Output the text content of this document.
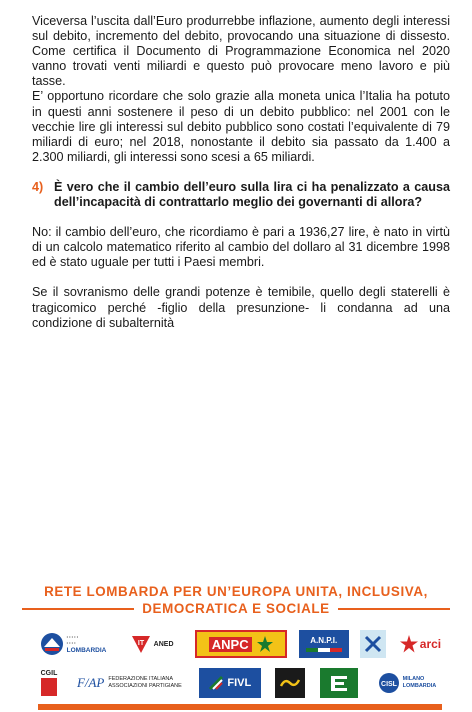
Viceversa l’uscita dall’Euro produrrebbe inflazione, aumento degli interessi sul debito, incremento del debito, provocando una situazione di dissesto. Come certifica il Documento di Programmazione Economica nel 2020 vanno trovati venti miliardi e questo può provocare meno lavoro e più tasse.

E’ opportuno ricordare che solo grazie alla moneta unica l’Italia ha potuto in questi anni sostenere il peso di un debito pubblico: nel 2001 con le vecchie lire gli interessi sul debito pubblico sono costati l’equivalente di 79 miliardi di euro; nel 2018, nonostante il debito sia passato da 1.400 a 2.300 miliardi, gli interessi sono scesi a 65 miliardi.

4) È vero che il cambio dell’euro sulla lira ci ha penalizzato a causa dell’incapacità di contrattarlo meglio dei governanti di allora?

No: il cambio dell’euro, che ricordiamo è pari a 1936,27 lire, è nato in virtù di un calcolo matematico riferito al cambio del dollaro al 31 dicembre 1998 ed è stato uguale per tutti i Paesi membri.

Se il sovranismo delle grandi potenze è temibile, quello degli staterelli è tragicomico perché -figlio della presunzione- li condanna ad una condizione di subalternità

RETE LOMBARDA PER UN’EUROPA UNITA, INCLUSIVA,
DEMOCRATICA E SOCIALE
• • • • •
• • • •
LOMBARDIA
IT ANED	ANPC	A.N.P.I.	arci
CGIL
F/AP FEDERAZIONE ITALIANA
ASSOCIAZIONI PARTIGIANE	FIVL	CISL
MILANO
LOMBARDIA
